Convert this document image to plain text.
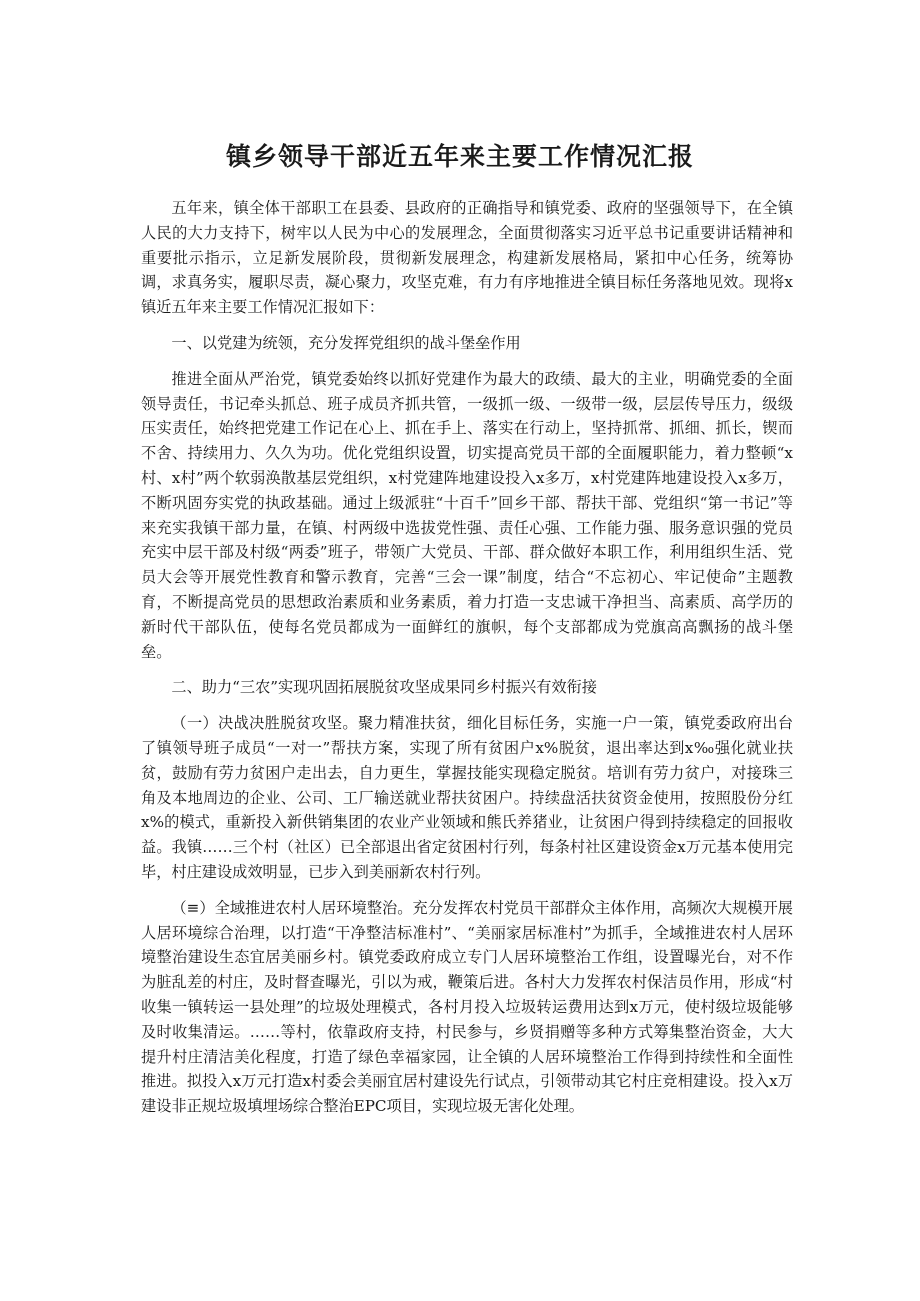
镇乡领导干部近五年来主要工作情况汇报

五年来，镇全体干部职工在县委、县政府的正确指导和镇党委、政府的坚强领导下，在全镇人民的大力支持下，树牢以人民为中心的发展理念，全面贯彻落实习近平总书记重要讲话精神和重要批示指示，立足新发展阶段，贯彻新发展理念，构建新发展格局，紧扣中心任务，统筹协调，求真务实，履职尽责，凝心聚力，攻坚克难，有力有序地推进全镇目标任务落地见效。现将x镇近五年来主要工作情况汇报如下：

一、以党建为统领，充分发挥党组织的战斗堡垒作用

推进全面从严治党，镇党委始终以抓好党建作为最大的政绩、最大的主业，明确党委的全面领导责任，书记牵头抓总、班子成员齐抓共管，一级抓一级、一级带一级，层层传导压力，级级压实责任，始终把党建工作记在心上、抓在手上、落实在行动上，坚持抓常、抓细、抓长，锲而不舍、持续用力、久久为功。优化党组织设置，切实提高党员干部的全面履职能力，着力整顿“x村、x村”两个软弱涣散基层党组织，x村党建阵地建设投入x多万，x村党建阵地建设投入x多万，不断巩固夯实党的执政基础。通过上级派驻“十百千”回乡干部、帮扶干部、党组织“第一书记”等来充实我镇干部力量，在镇、村两级中选拔党性强、责任心强、工作能力强、服务意识强的党员充实中层干部及村级“两委”班子，带领广大党员、干部、群众做好本职工作，利用组织生活、党员大会等开展党性教育和警示教育，完善“三会一课”制度，结合“不忘初心、牢记使命”主题教育，不断提高党员的思想政治素质和业务素质，着力打造一支忠诚干净担当、高素质、高学历的新时代干部队伍，使每名党员都成为一面鲜红的旗帜，每个支部都成为党旗高高飘扬的战斗堡垒。

二、助力“三农”实现巩固拓展脱贫攻坚成果同乡村振兴有效衔接

（一）决战决胜脱贫攻坚。聚力精准扶贫，细化目标任务，实施一户一策，镇党委政府出台了镇领导班子成员“一对一”帮扶方案，实现了所有贫困户x%脱贫，退出率达到x‰强化就业扶贫，鼓励有劳力贫困户走出去，自力更生，掌握技能实现稳定脱贫。培训有劳力贫户，对接珠三角及本地周边的企业、公司、工厂输送就业帮扶贫困户。持续盘活扶贫资金使用，按照股份分红x%的模式，重新投入新供销集团的农业产业领域和熊氏养猪业，让贫困户得到持续稳定的回报收益。我镇……三个村（社区）已全部退出省定贫困村行列，每条村社区建设资金x万元基本使用完毕，村庄建设成效明显，已步入到美丽新农村行列。

（≡）全域推进农村人居环境整治。充分发挥农村党员干部群众主体作用，高频次大规模开展人居环境综合治理，以打造“干净整洁标准村”、“美丽家居标准村”为抓手，全域推进农村人居环境整治建设生态宜居美丽乡村。镇党委政府成立专门人居环境整治工作组，设置曝光台，对不作为脏乱差的村庄，及时督查曝光，引以为戒，鞭策后进。各村大力发挥农村保洁员作用，形成“村收集一镇转运一县处理”的垃圾处理模式，各村月投入垃圾转运费用达到x万元，使村级垃圾能够及时收集清运。……等村，依靠政府支持，村民参与，乡贤捐赠等多种方式筹集整治资金，大大提升村庄清洁美化程度，打造了绿色幸福家园，让全镇的人居环境整治工作得到持续性和全面性推进。拟投入x万元打造x村委会美丽宜居村建设先行试点，引领带动其它村庄竞相建设。投入x万建设非正规垃圾填埋场综合整治EPC项目，实现垃圾无害化处理。
